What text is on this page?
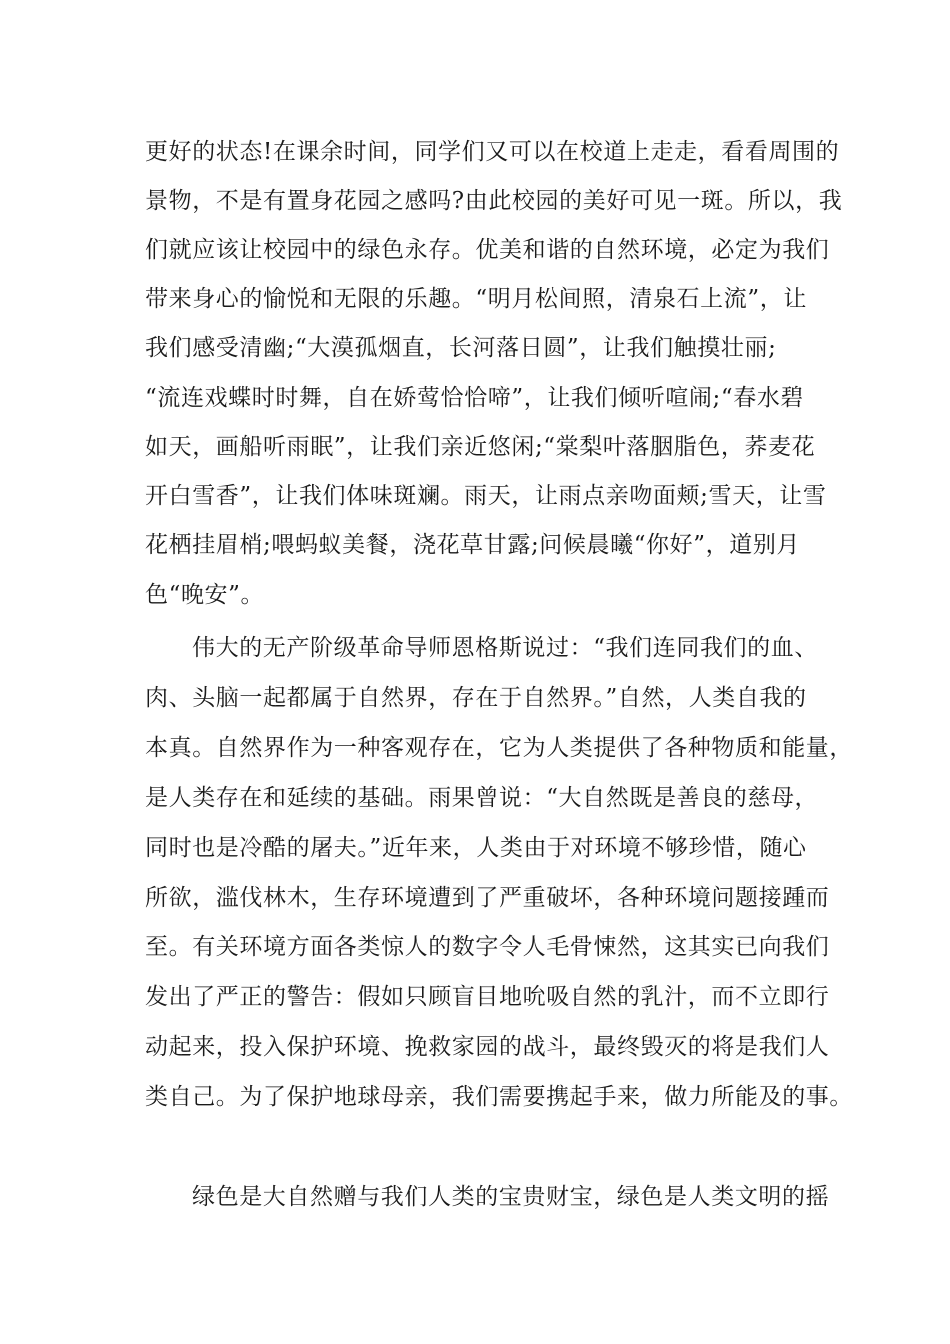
更好的状态!在课余时间，同学们又可以在校道上走走，看看周围的
景物，不是有置身花园之感吗?由此校园的美好可见一斑。所以，我
们就应该让校园中的绿色永存。优美和谐的自然环境，必定为我们
带来身心的愉悦和无限的乐趣。“明月松间照，清泉石上流”，让
我们感受清幽;“大漠孤烟直，长河落日圆”，让我们触摸壮丽;
“流连戏蝶时时舞，自在娇莺恰恰啼”，让我们倾听喧闹;“春水碧
如天，画船听雨眠”，让我们亲近悠闲;“棠梨叶落胭脂色，荞麦花
开白雪香”，让我们体味斑斓。雨天，让雨点亲吻面颊;雪天，让雪
花栖挂眉梢;喂蚂蚁美餐，浇花草甘露;问候晨曦“你好”，道别月
色“晚安”。
伟大的无产阶级革命导师恩格斯说过：“我们连同我们的血、
肉、头脑一起都属于自然界，存在于自然界。”自然，人类自我的
本真。自然界作为一种客观存在，它为人类提供了各种物质和能量，
是人类存在和延续的基础。雨果曾说：“大自然既是善良的慈母，
同时也是冷酷的屠夫。”近年来，人类由于对环境不够珍惜，随心
所欲，滥伐林木，生存环境遭到了严重破坏，各种环境问题接踵而
至。有关环境方面各类惊人的数字令人毛骨悚然，这其实已向我们
发出了严正的警告：假如只顾盲目地吮吸自然的乳汁，而不立即行
动起来，投入保护环境、挽救家园的战斗，最终毁灭的将是我们人
类自己。为了保护地球母亲，我们需要携起手来，做力所能及的事。
绿色是大自然赠与我们人类的宝贵财宝，绿色是人类文明的摇
